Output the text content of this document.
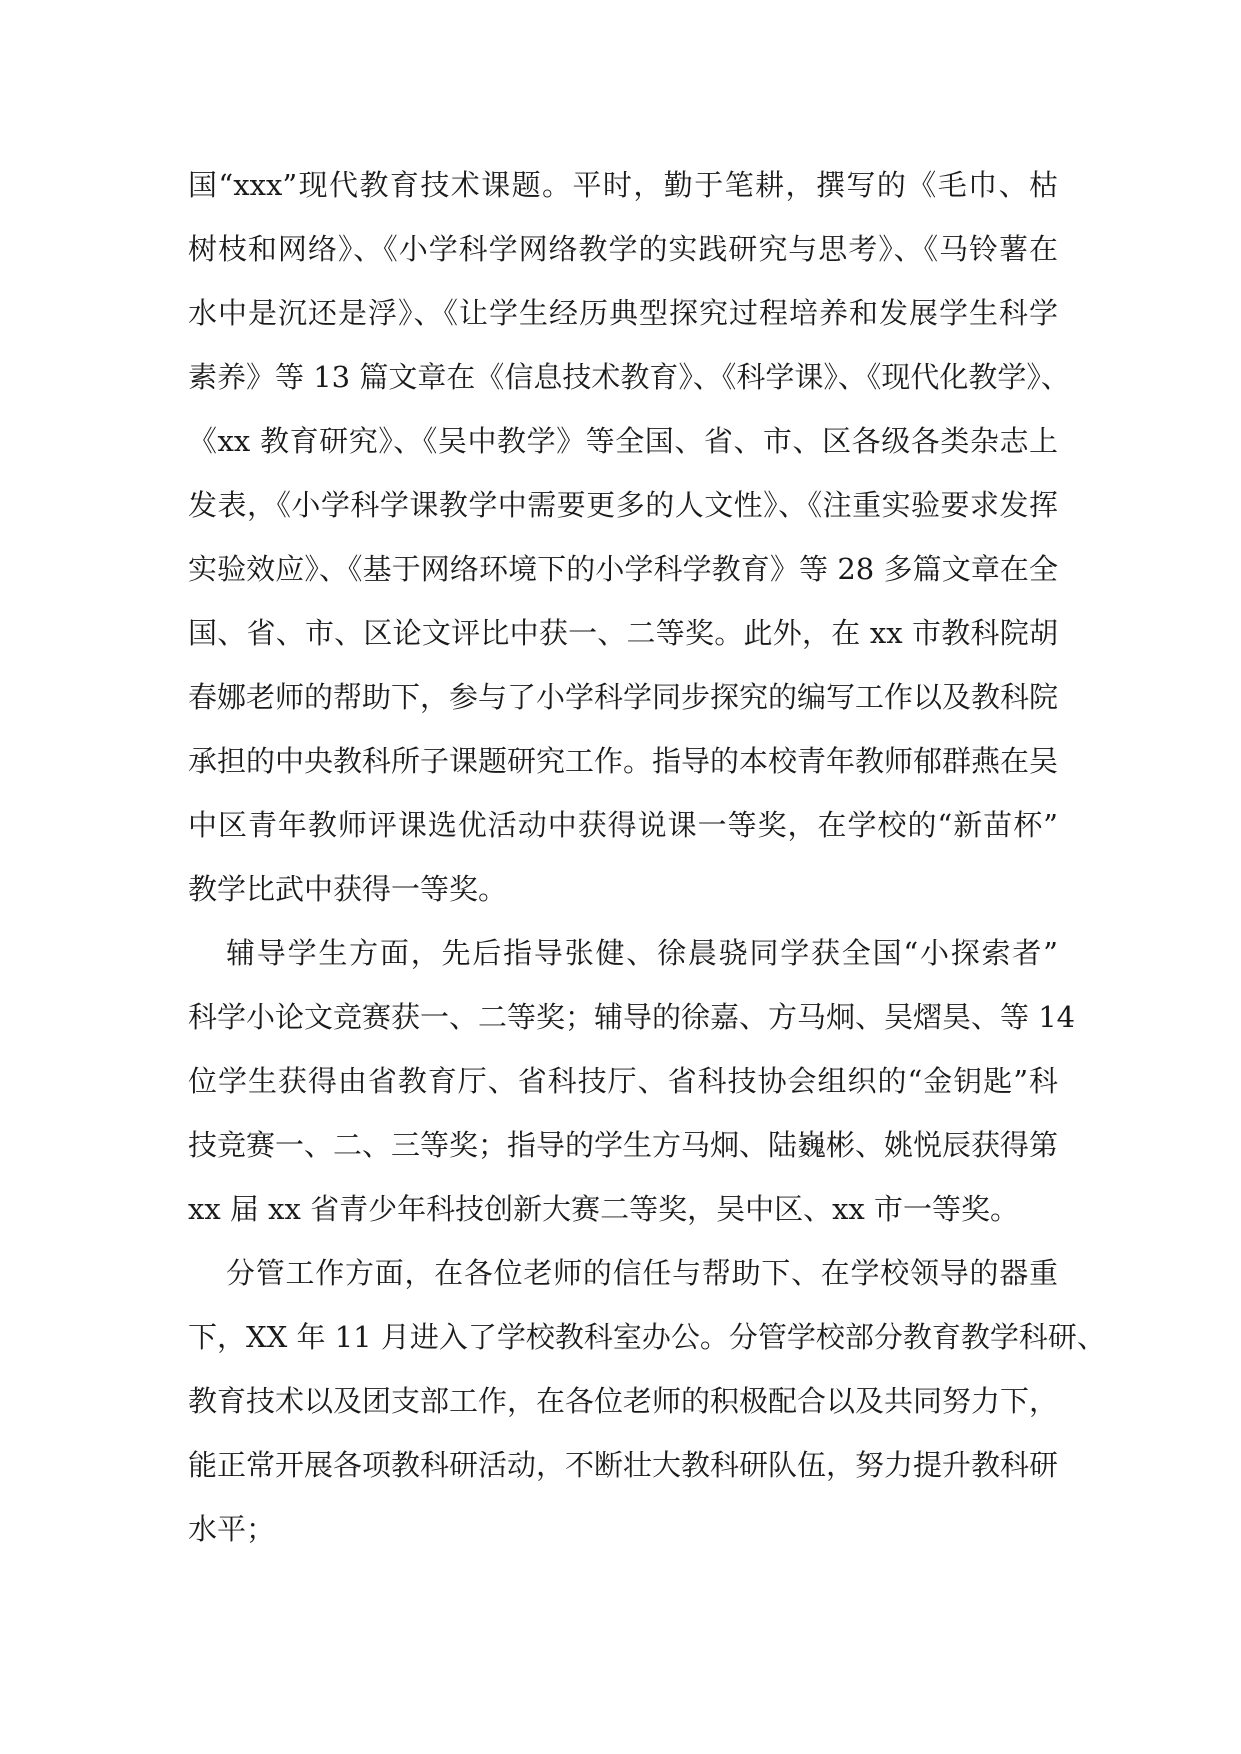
国“xxx”现代教育技术课题。平时，勤于笔耕，撰写的《毛巾、枯
树枝和网络》、《小学科学网络教学的实践研究与思考》、《马铃薯在
水中是沉还是浮》、《让学生经历典型探究过程培养和发展学生科学
素养》等 13 篇文章在《信息技术教育》、《科学课》、《现代化教学》、
《xx 教育研究》、《吴中教学》等全国、省、市、区各级各类杂志上
发表，《小学科学课教学中需要更多的人文性》、《注重实验要求发挥
实验效应》、《基于网络环境下的小学科学教育》等 28 多篇文章在全
国、省、市、区论文评比中获一、二等奖。此外，在 xx 市教科院胡
春娜老师的帮助下，参与了小学科学同步探究的编写工作以及教科院
承担的中央教科所子课题研究工作。指导的本校青年教师郁群燕在吴
中区青年教师评课选优活动中获得说课一等奖，在学校的“新苗杯”
教学比武中获得一等奖。
辅导学生方面，先后指导张健、徐晨骁同学获全国“小探索者”
科学小论文竞赛获一、二等奖；辅导的徐嘉、方马炯、吴熠昊、等 14
位学生获得由省教育厅、省科技厅、省科技协会组织的“金钥匙”科
技竞赛一、二、三等奖；指导的学生方马炯、陆巍彬、姚悦辰获得第
xx 届 xx 省青少年科技创新大赛二等奖，吴中区、xx 市一等奖。
分管工作方面，在各位老师的信任与帮助下、在学校领导的器重
下，XX 年 11 月进入了学校教科室办公。分管学校部分教育教学科研、
教育技术以及团支部工作，在各位老师的积极配合以及共同努力下，
能正常开展各项教科研活动，不断壮大教科研队伍，努力提升教科研
水平；
